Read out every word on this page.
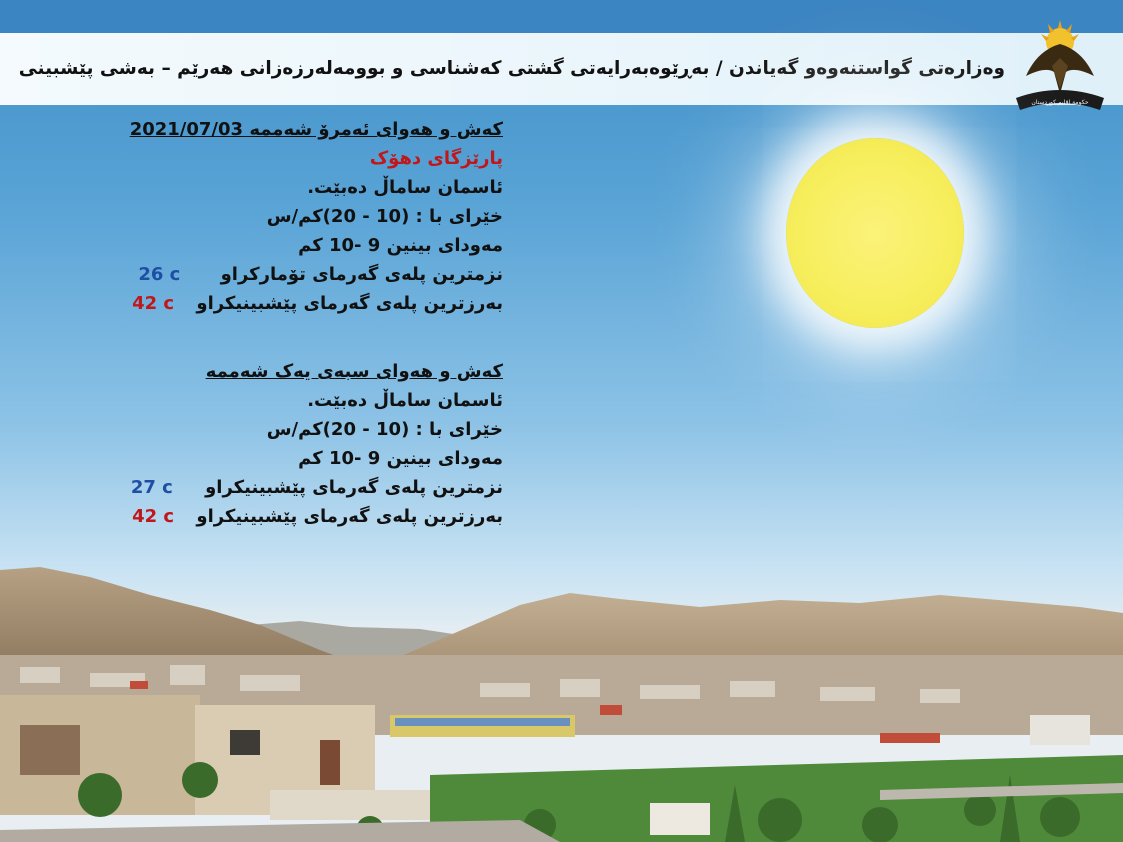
وەزارەتی گواستنەوەو گەیاندن / بەڕێوەبەرایەتی گشتی کەشناسی و بوومەلەرزەزانی هەرێم – بەشی پێشبینی
حكومة اقليم كوردستان
کەش و هەوای ئەمرۆ شەممە 2021/07/03
پارێزگای دهۆک
ئاسمان ساماڵ دەبێت.
خێرای با : (10 - 20)کم/س
مەودای بینین 9 -10 کم
نزمترین پلەی گەرمای تۆمارکراو 26 c
بەرزترین پلەی گەرمای پێشبینیکراو 42 c
کەش و هەوای سبەی یەک شەممە
ئاسمان ساماڵ دەبێت.
خێرای با : (10 - 20)کم/س
مەودای بینین 9 -10 کم
نزمترین پلەی گەرمای پێشبینیکراو 27 c
بەرزترین پلەی گەرمای پێشبینیکراو 42 c
